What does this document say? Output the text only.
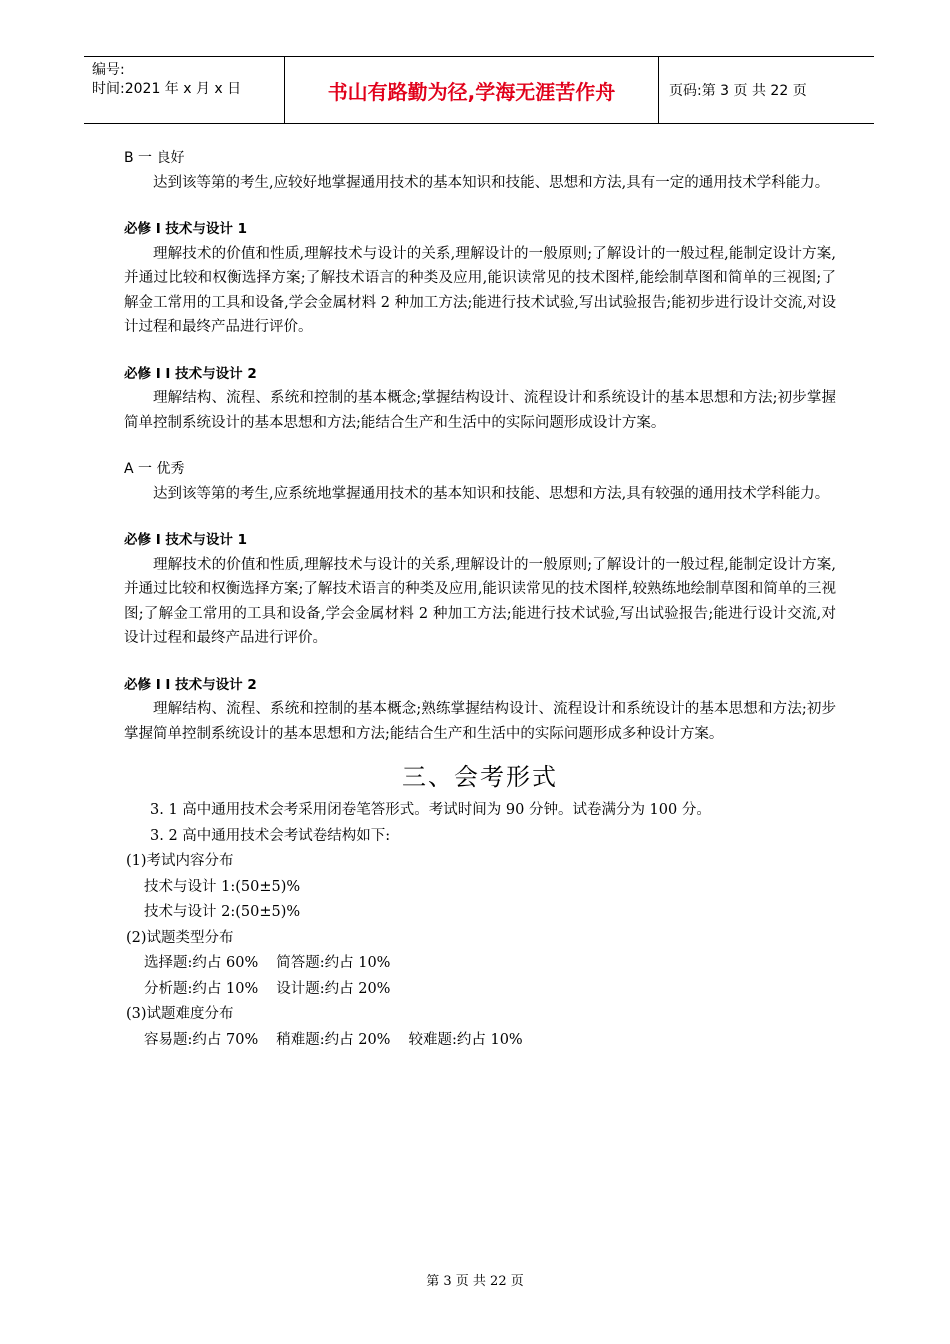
编号:
时间:2021 年 x 月 x 日	书山有路勤为径,学海无涯苦作舟	页码:第 3 页 共 22 页

B 一 良好

达到该等第的考生,应较好地掌握通用技术的基本知识和技能、思想和方法,具有一定的通用技术学科能力。

必修 I 技术与设计 1

理解技术的价值和性质,理解技术与设计的关系,理解设计的一般原则;了解设计的一般过程,能制定设计方案,并通过比较和权衡选择方案;了解技术语言的种类及应用,能识读常见的技术图样,能绘制草图和简单的三视图;了解金工常用的工具和设备,学会金属材料 2 种加工方法;能进行技术试验,写出试验报告;能初步进行设计交流,对设计过程和最终产品进行评价。

必修 I I 技术与设计 2

理解结构、流程、系统和控制的基本概念;掌握结构设计、流程设计和系统设计的基本思想和方法;初步掌握简单控制系统设计的基本思想和方法;能结合生产和生活中的实际问题形成设计方案。

A 一 优秀

达到该等第的考生,应系统地掌握通用技术的基本知识和技能、思想和方法,具有较强的通用技术学科能力。

必修 I 技术与设计 1

理解技术的价值和性质,理解技术与设计的关系,理解设计的一般原则;了解设计的一般过程,能制定设计方案,并通过比较和权衡选择方案;了解技术语言的种类及应用,能识读常见的技术图样,较熟练地绘制草图和简单的三视图;了解金工常用的工具和设备,学会金属材料 2 种加工方法;能进行技术试验,写出试验报告;能进行设计交流,对设计过程和最终产品进行评价。

必修 I I 技术与设计 2

理解结构、流程、系统和控制的基本概念;熟练掌握结构设计、流程设计和系统设计的基本思想和方法;初步掌握简单控制系统设计的基本思想和方法;能结合生产和生活中的实际问题形成多种设计方案。

三、会考形式

3. 1 高中通用技术会考采用闭卷笔答形式。考试时间为 90 分钟。试卷满分为 100 分。

3. 2 高中通用技术会考试卷结构如下:

(1)考试内容分布

技术与设计 1:(50±5)%

技术与设计 2:(50±5)%

(2)试题类型分布

选择题:约占 60% 简答题:约占 10%

分析题:约占 10% 设计题:约占 20%

(3)试题难度分布

容易题:约占 70% 稍难题:约占 20% 较难题:约占 10%

第 3 页 共 22 页
